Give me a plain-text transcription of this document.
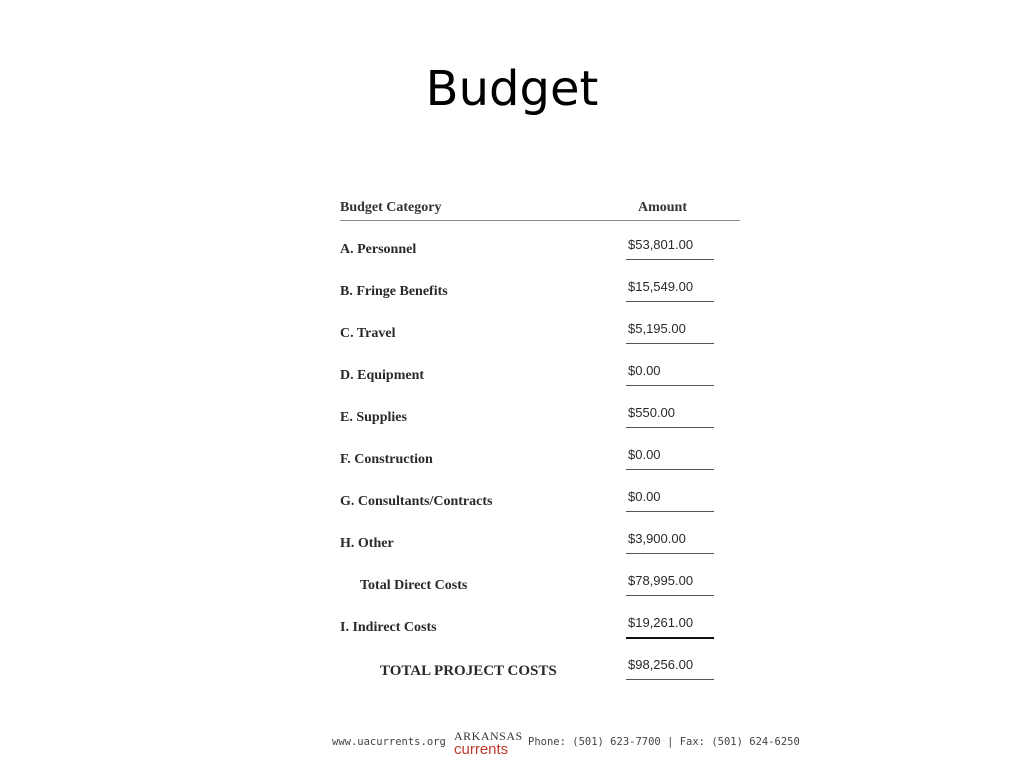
Budget
Budget Category	Amount
A. Personnel	$53,801.00
B. Fringe Benefits	$15,549.00
C. Travel	$5,195.00
D. Equipment	$0.00
E. Supplies	$550.00
F. Construction	$0.00
G. Consultants/Contracts	$0.00
H. Other	$3,900.00
Total Direct Costs	$78,995.00
I. Indirect Costs	$19,261.00
TOTAL PROJECT COSTS	$98,256.00
www.uacurrents.org ARKANSAS
currents	Phone: (501) 623-7700 | Fax: (501) 624-6250
